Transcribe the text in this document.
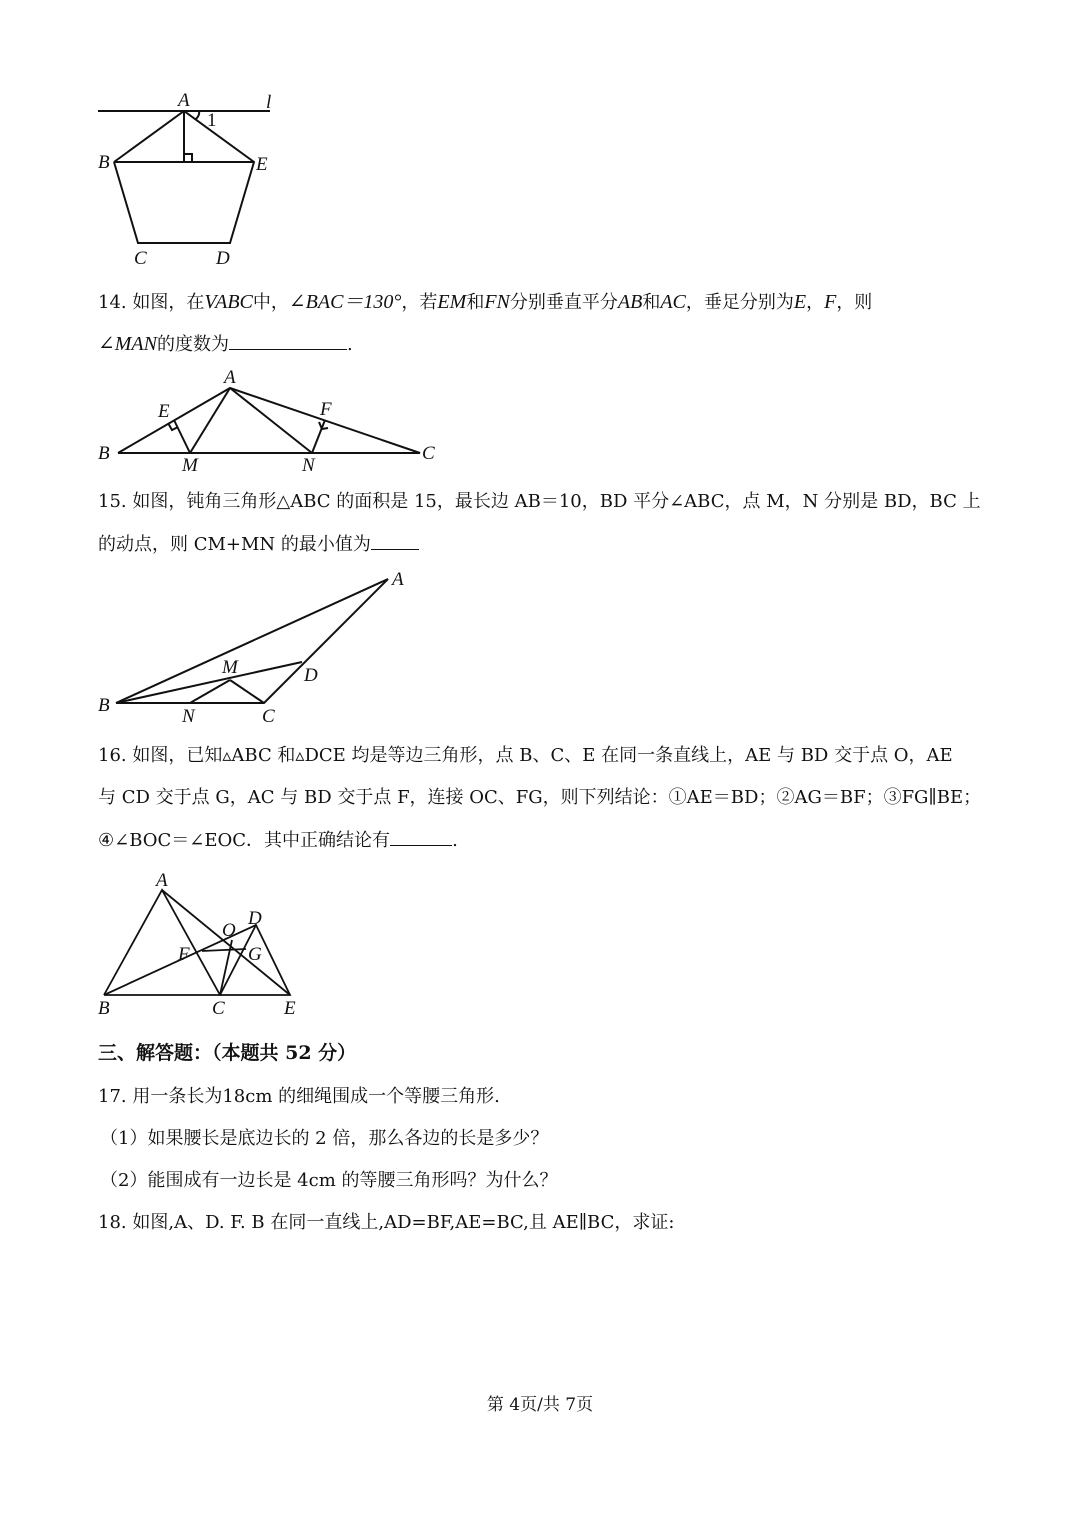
A	l
1
B	E
C	D
14. 如图，在VABC中，∠BAC＝130°，若EM和FN分别垂直平分AB和AC，垂足分别为E，F，则
∠MAN的度数为	.
A
E	F
B
M	N
C
15. 如图，钝角三角形△ABC 的面积是 15，最长边 AB＝10，BD 平分∠ABC，点 M，N 分别是 BD，BC 上
的动点，则 CM+MN 的最小值为
A
M	D
B
N	C
16. 如图，已知▵ABC 和▵DCE 均是等边三角形，点 B、C、E 在同一条直线上，AE 与 BD 交于点 O，AE
与 CD 交于点 G，AC 与 BD 交于点 F，连接 OC、FG，则下列结论：①AE＝BD；②AG＝BF；③FG∥BE；
④∠BOC＝∠EOC．其中正确结论有	.
A
D
O
F	G
B	C	E
三、解答题：（本题共 52 分）
17. 用一条长为18cm 的细绳围成一个等腰三角形.
（1）如果腰长是底边长的 2 倍，那么各边的长是多少？
（2）能围成有一边长是 4cm 的等腰三角形吗？为什么？
18. 如图,A、D. F. B 在同一直线上,AD=BF,AE=BC,且 AE∥BC，求证:
第 4页/共 7页
